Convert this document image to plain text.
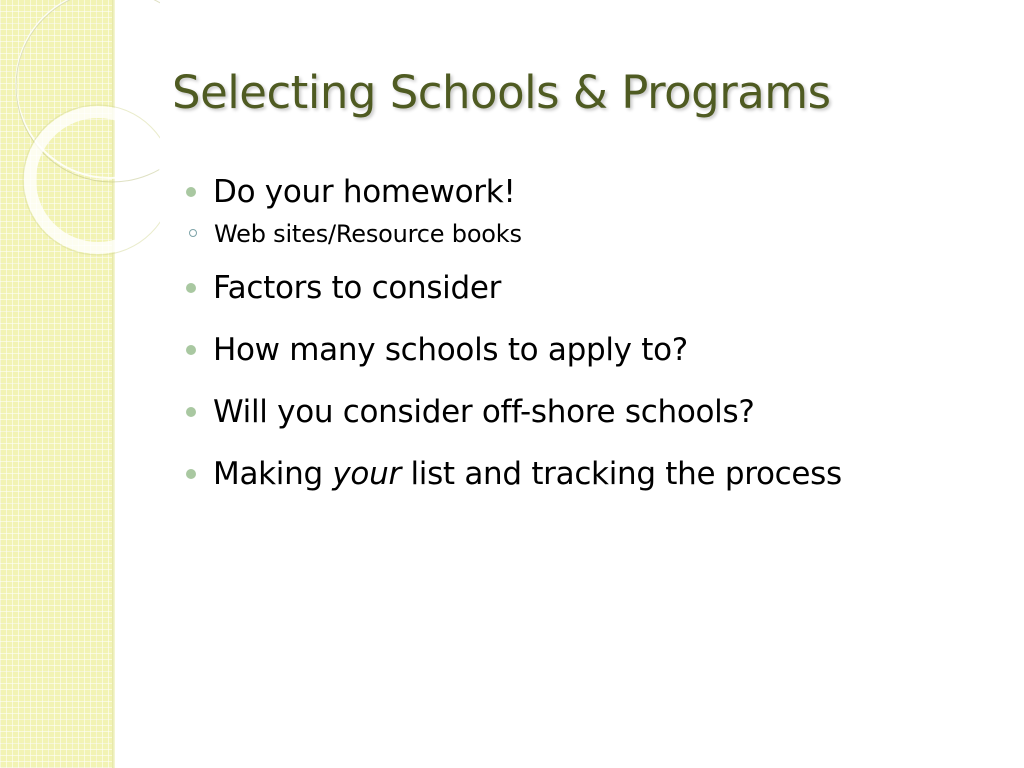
Selecting Schools & Programs
Do your homework!
Web sites/Resource books
Factors to consider
How many schools to apply to?
Will you consider off-shore schools?
Making your list and tracking the process
